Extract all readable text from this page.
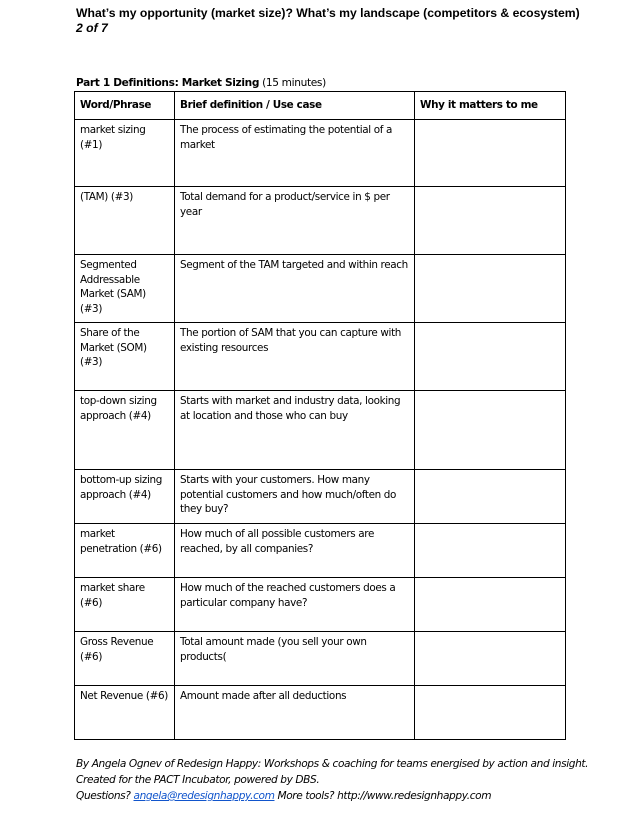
What’s my opportunity (market size)? What’s my landscape (competitors & ecosystem)
2 of 7
Part 1 Definitions: Market Sizing (15 minutes)
Word/Phrase	Brief definition / Use case	Why it matters to me
market sizing (#1)	The process of estimating the potential of a market	
(TAM) (#3)	Total demand for a product/service in $ per year	
Segmented Addressable Market (SAM) (#3)	Segment of the TAM targeted and within reach	
Share of the Market (SOM) (#3)	The portion of SAM that you can capture with existing resources	
top-down sizing approach (#4)	Starts with market and industry data, looking at location and those who can buy	
bottom-up sizing approach (#4)	Starts with your customers. How many potential customers and how much/often do they buy?	
market penetration (#6)	How much of all possible customers are reached, by all companies?	
market share (#6)	How much of the reached customers does a particular company have?	
Gross Revenue (#6)	Total amount made (you sell your own products(	
Net Revenue (#6)	Amount made after all deductions	
By Angela Ognev of Redesign Happy: Workshops & coaching for teams energised by action and insight.
Created for the PACT Incubator, powered by DBS.
Questions? angela@redesignhappy.com More tools? http://www.redesignhappy.com
